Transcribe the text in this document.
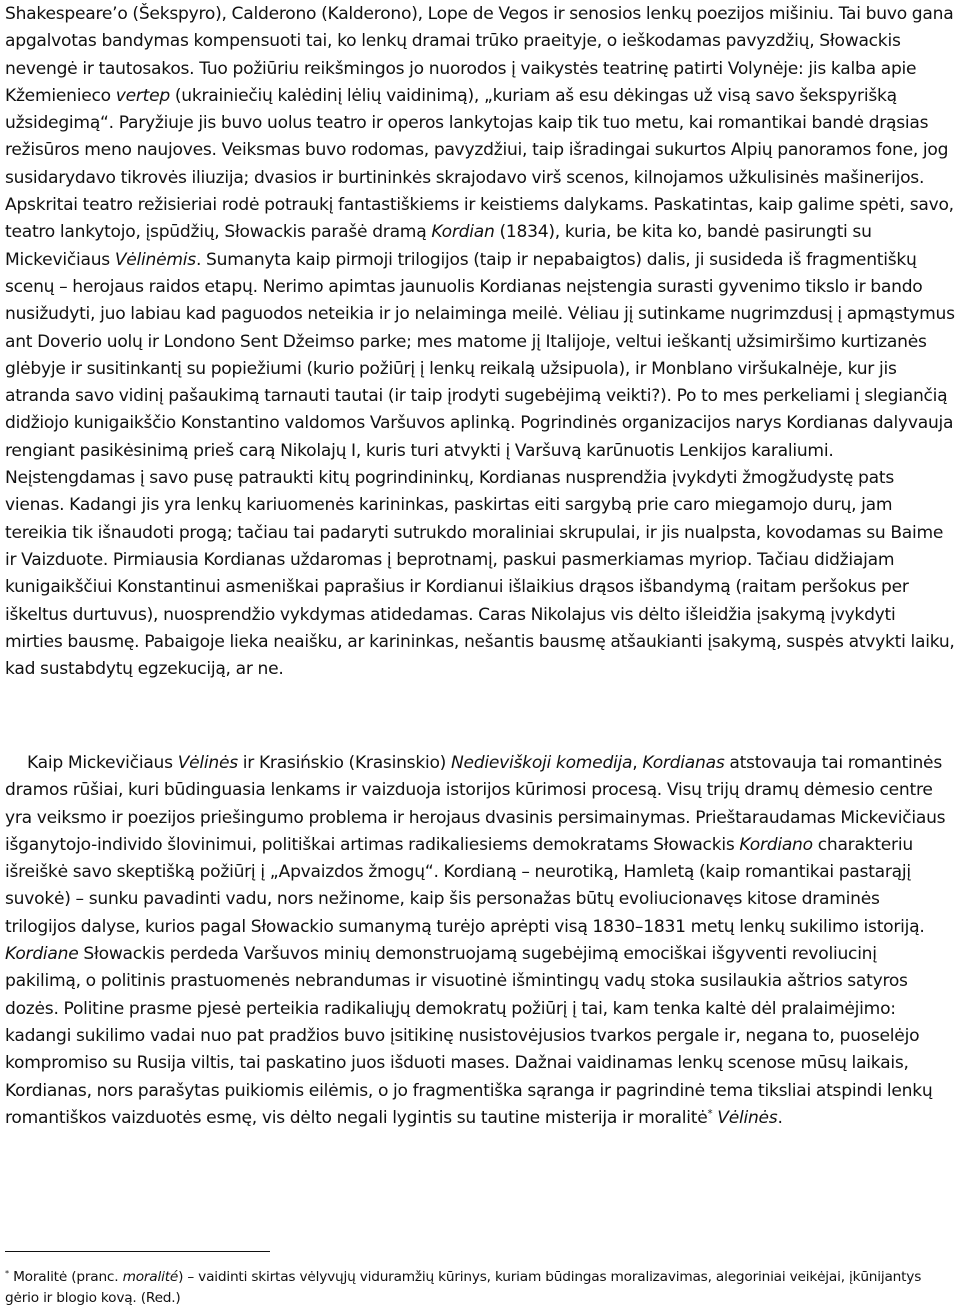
Shakespeare’o (Šekspyro), Calderono (Kalderono), Lope de Vegos ir senosios lenkų poezijos mišiniu. Tai buvo gana apgalvotas bandymas kompensuoti tai, ko lenkų dramai trūko praeityje, o ieškodamas pavyzdžių, Słowackis nevengė ir tautosakos. Tuo požiūriu reikšmingos jo nuorodos į vaikystės teatrinę patirti Volynėje: jis kalba apie Kžemienieco vertep (ukrainiečių kalėdinį lėlių vaidinimą), „kuriam aš esu dėkingas už visą savo šekspyrišką užsidegimą“. Paryžiuje jis buvo uolus teatro ir operos lankytojas kaip tik tuo metu, kai romantikai bandė drąsias režisūros meno naujoves. Veiksmas buvo rodomas, pavyzdžiui, taip išradingai sukurtos Alpių panoramos fone, jog susidarydavo tikrovės iliuzija; dvasios ir burtininkės skrajodavo virš scenos, kilnojamos užkulisinės mašinerijos. Apskritai teatro režisieriai rodė potraukį fantastiškiems ir keistiems dalykams. Paskatintas, kaip galime spėti, savo, teatro lankytojo, įspūdžių, Słowackis parašė dramą Kordian (1834), kuria, be kita ko, bandė pasirungti su Mickevičiaus Vėlinėmis. Sumanyta kaip pirmoji trilogijos (taip ir nepabaigtos) dalis, ji susideda iš fragmentiškų scenų – herojaus raidos etapų. Nerimo apimtas jaunuolis Kordianas neįstengia surasti gyvenimo tikslo ir bando nusižudyti, juo labiau kad paguodos neteikia ir jo nelaiminga meilė. Vėliau jį sutinkame nugrimzdusį į apmąstymus ant Doverio uolų ir Londono Sent Džeimso parke; mes matome jį Italijoje, veltui ieškantį užsimiršimo kurtizanės glėbyje ir susitinkantį su popiežiumi (kurio požiūrį į lenkų reikalą užsipuola), ir Monblano viršukalnėje, kur jis atranda savo vidinį pašaukimą tarnauti tautai (ir taip įrodyti sugebėjimą veikti?). Po to mes perkeliami į slegiančią didžiojo kunigaikščio Konstantino valdomos Varšuvos aplinką. Pogrindinės organizacijos narys Kordianas dalyvauja rengiant pasikėsinimą prieš carą Nikolajų I, kuris turi atvykti į Varšuvą karūnuotis Lenkijos karaliumi. Neįstengdamas į savo pusę patraukti kitų pogrindininkų, Kordianas nusprendžia įvykdyti žmogžudystę pats vienas. Kadangi jis yra lenkų kariuomenės karininkas, paskirtas eiti sargybą prie caro miegamojo durų, jam tereikia tik išnaudoti progą; tačiau tai padaryti sutrukdo moraliniai skrupulai, ir jis nualpsta, kovodamas su Baime ir Vaizduote. Pirmiausia Kordianas uždaromas į beprotnamį, paskui pasmerkiamas myriop. Tačiau didžiajam kunigaikščiui Konstantinui asmeniškai paprašius ir Kordianui išlaikius drąsos išbandymą (raitam peršokus per iškeltus durtuvus), nuosprendžio vykdymas atidedamas. Caras Nikolajus vis dėlto išleidžia įsakymą įvykdyti mirties bausmę. Pabaigoje lieka neaišku, ar karininkas, nešantis bausmę atšaukianti įsakymą, suspės atvykti laiku, kad sustabdytų egzekuciją, ar ne.

Kaip Mickevičiaus Vėlinės ir Krasińskio (Krasinskio) Nedieviškoji komedija, Kordianas atstovauja tai romantinės dramos rūšiai, kuri būdinguasia lenkams ir vaizduoja istorijos kūrimosi procesą. Visų trijų dramų dėmesio centre yra veiksmo ir poezijos priešingumo problema ir herojaus dvasinis persimainymas. Prieštaraudamas Mickevičiaus išganytojo-individo šlovinimui, politiškai artimas radikaliesiems demokratams Słowackis Kordiano charakteriu išreiškė savo skeptišką požiūrį į „Apvaizdos žmogų“. Kordianą – neurotiką, Hamletą (kaip romantikai pastarąjį suvokė) – sunku pavadinti vadu, nors nežinome, kaip šis personažas būtų evoliucionavęs kitose draminės trilogijos dalyse, kurios pagal Słowackio sumanymą turėjo aprėpti visą 1830–1831 metų lenkų sukilimo istoriją. Kordiane Słowackis perdeda Varšuvos minių demonstruojamą sugebėjimą emociškai išgyventi revoliucinį pakilimą, o politinis prastuomenės nebrandumas ir visuotinė išmintingų vadų stoka susilaukia aštrios satyros dozės. Politine prasme pjesė perteikia radikaliųjų demokratų požiūrį į tai, kam tenka kaltė dėl pralaimėjimo: kadangi sukilimo vadai nuo pat pradžios buvo įsitikinę nusistovėjusios tvarkos pergale ir, negana to, puoselėjo kompromiso su Rusija viltis, tai paskatino juos išduoti mases. Dažnai vaidinamas lenkų scenose mūsų laikais, Kordianas, nors parašytas puikiomis eilėmis, o jo fragmentiška sąranga ir pagrindinė tema tiksliai atspindi lenkų romantiškos vaizduotės esmę, vis dėlto negali lygintis su tautine misterija ir moralitė* Vėlinės.

* Moralitė (pranc. moralité) – vaidinti skirtas vėlyvųjų viduramžių kūrinys, kuriam būdingas moralizavimas, alegoriniai veikėjai, įkūnijantys gėrio ir blogio kovą. (Red.)
